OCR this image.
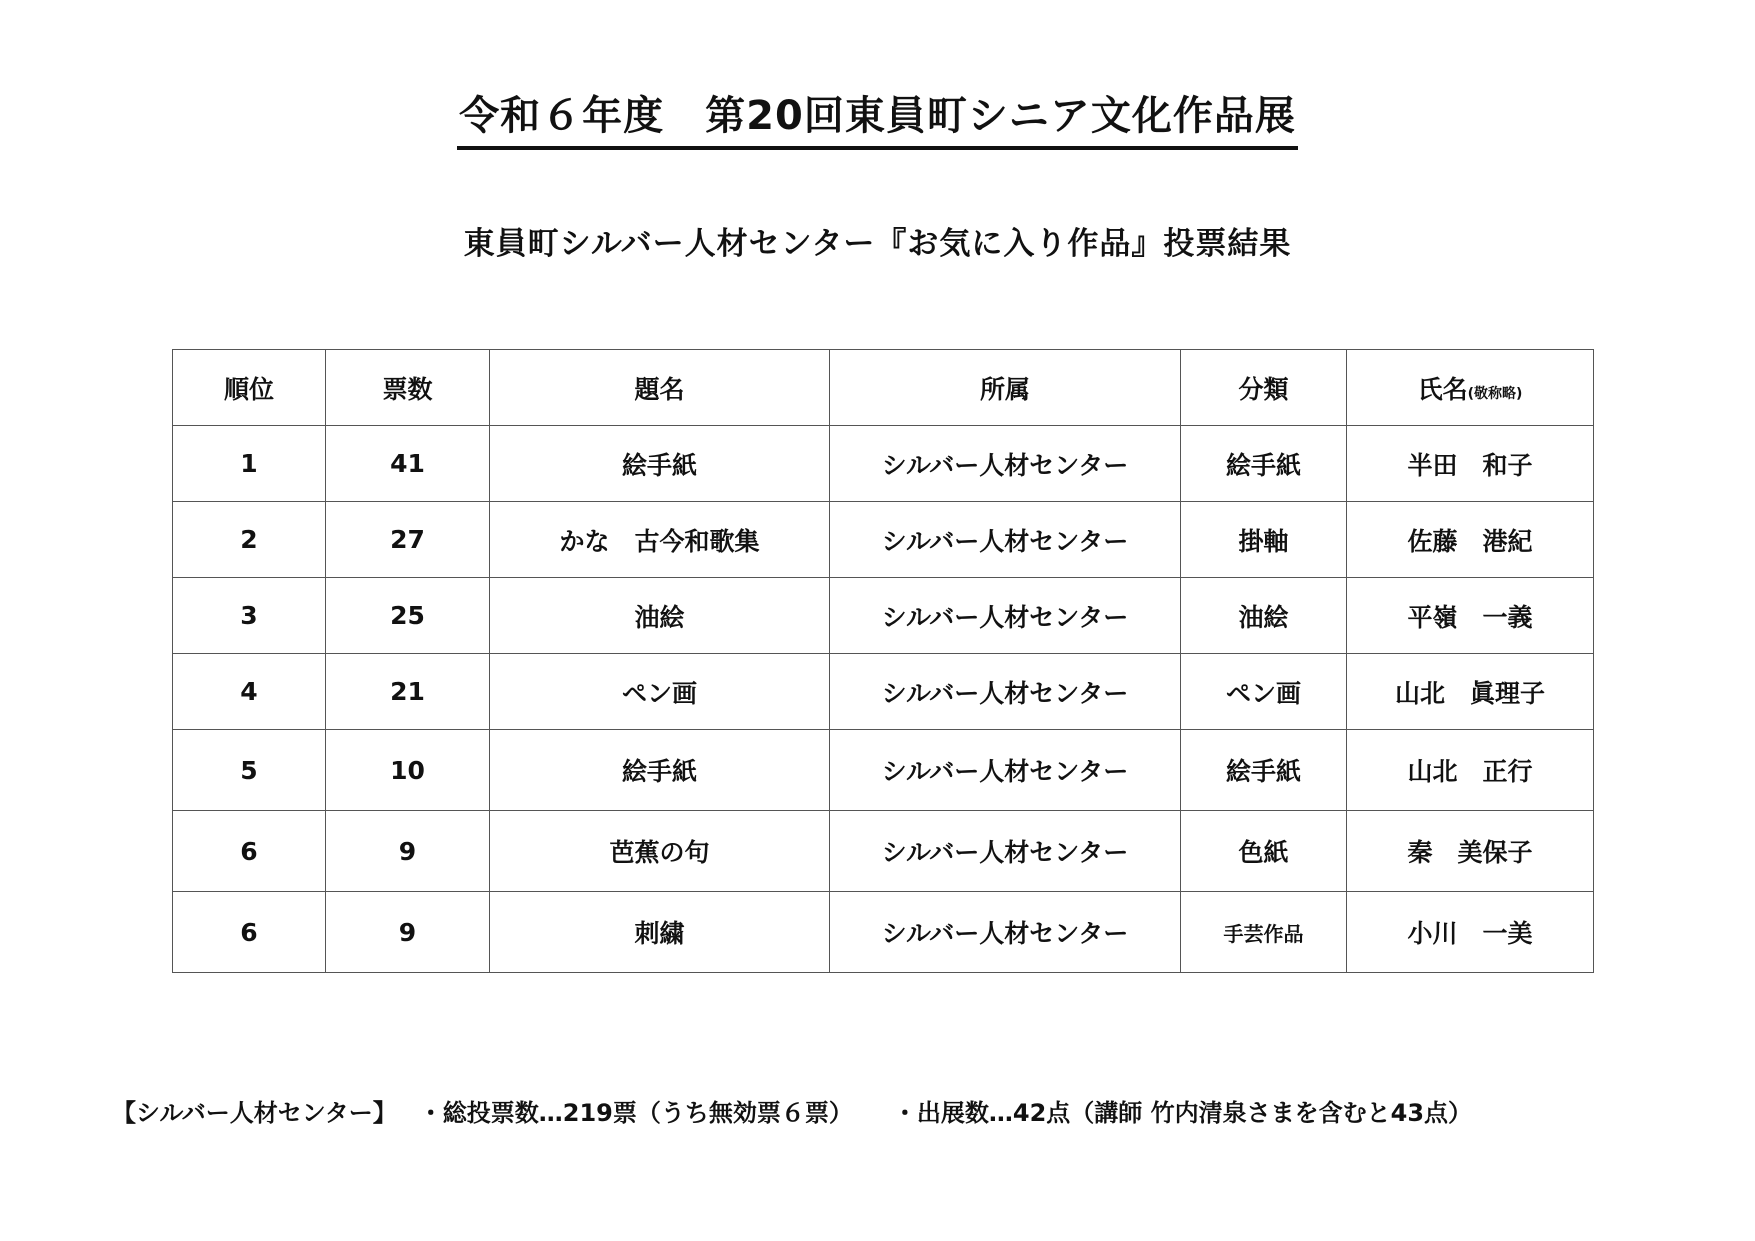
令和６年度　第20回東員町シニア文化作品展
東員町シルバー人材センター『お気に入り作品』投票結果
順位	票数	題名	所属	分類	氏名(敬称略)
1	41	絵手紙	シルバー人材センター	絵手紙	半田　和子
2	27	かな　古今和歌集	シルバー人材センター	掛軸	佐藤　港紀
3	25	油絵	シルバー人材センター	油絵	平嶺　一義
4	21	ペン画	シルバー人材センター	ペン画	山北　眞理子
5	10	絵手紙	シルバー人材センター	絵手紙	山北　正行
6	9	芭蕉の句	シルバー人材センター	色紙	秦　美保子
6	9	刺繍	シルバー人材センター	手芸作品	小川　一美
【シルバー人材センター】 ・総投票数…219票（うち無効票６票） ・出展数…42点（講師 竹内清泉さまを含むと43点）
